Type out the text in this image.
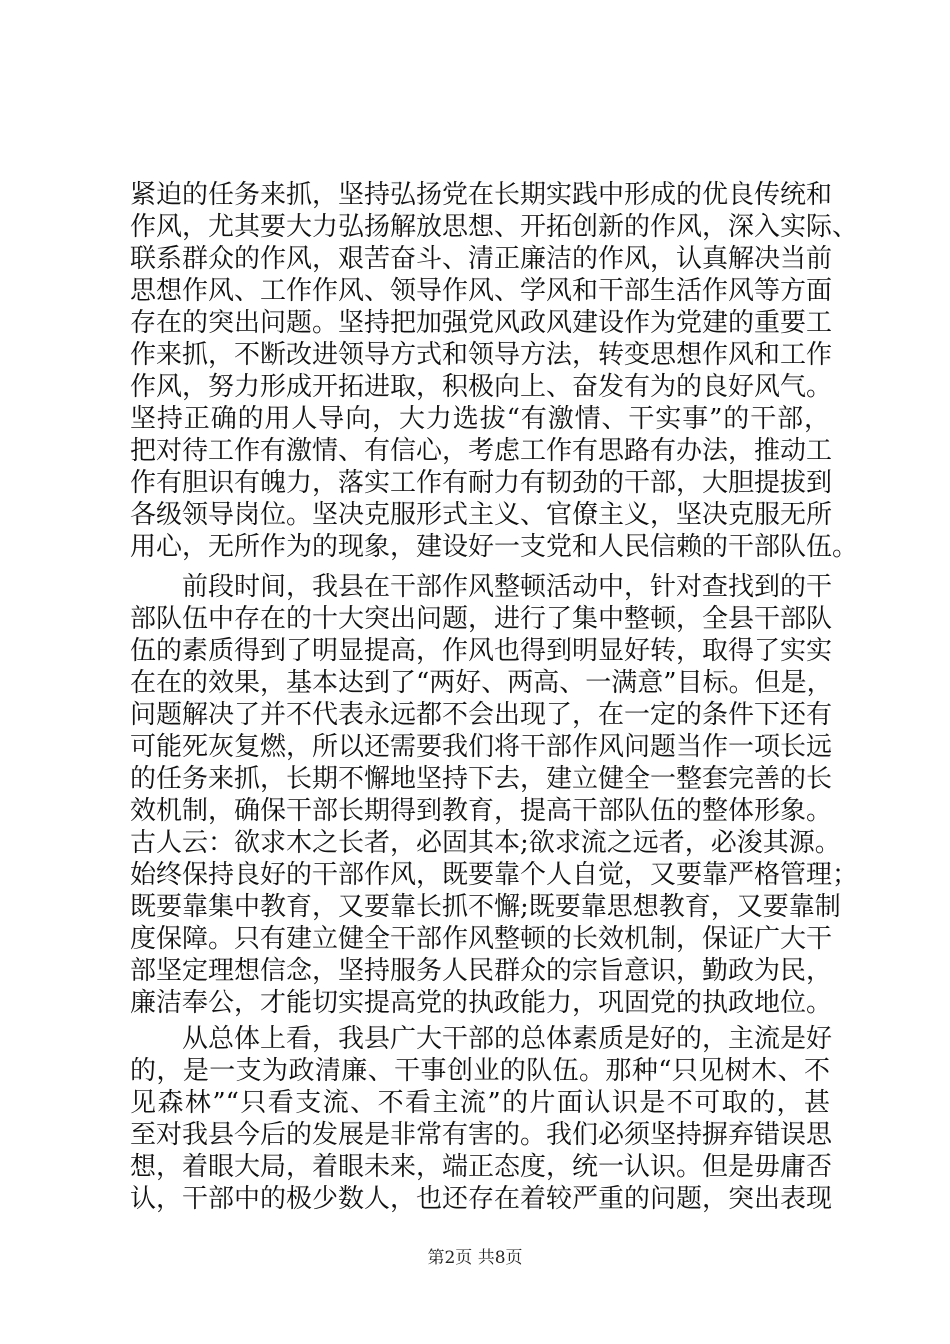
紧迫的任务来抓，坚持弘扬党在长期实践中形成的优良传统和
作风，尤其要大力弘扬解放思想、开拓创新的作风，深入实际、
联系群众的作风，艰苦奋斗、清正廉洁的作风，认真解决当前
思想作风、工作作风、领导作风、学风和干部生活作风等方面
存在的突出问题。坚持把加强党风政风建设作为党建的重要工
作来抓，不断改进领导方式和领导方法，转变思想作风和工作
作风，努力形成开拓进取，积极向上、奋发有为的良好风气。
坚持正确的用人导向，大力选拔“有激情、干实事”的干部，
把对待工作有激情、有信心，考虑工作有思路有办法，推动工
作有胆识有魄力，落实工作有耐力有韧劲的干部，大胆提拔到
各级领导岗位。坚决克服形式主义、官僚主义，坚决克服无所
用心，无所作为的现象，建设好一支党和人民信赖的干部队伍。
　　前段时间，我县在干部作风整顿活动中，针对查找到的干
部队伍中存在的十大突出问题，进行了集中整顿，全县干部队
伍的素质得到了明显提高，作风也得到明显好转，取得了实实
在在的效果，基本达到了“两好、两高、一满意”目标。但是，
问题解决了并不代表永远都不会出现了，在一定的条件下还有
可能死灰复燃，所以还需要我们将干部作风问题当作一项长远
的任务来抓，长期不懈地坚持下去，建立健全一整套完善的长
效机制，确保干部长期得到教育，提高干部队伍的整体形象。
古人云：欲求木之长者，必固其本;欲求流之远者，必浚其源。
始终保持良好的干部作风，既要靠个人自觉，又要靠严格管理；
既要靠集中教育，又要靠长抓不懈;既要靠思想教育，又要靠制
度保障。只有建立健全干部作风整顿的长效机制，保证广大干
部坚定理想信念，坚持服务人民群众的宗旨意识，勤政为民，
廉洁奉公，才能切实提高党的执政能力，巩固党的执政地位。
　　从总体上看，我县广大干部的总体素质是好的，主流是好
的，是一支为政清廉、干事创业的队伍。那种“只见树木、不
见森林”“只看支流、不看主流”的片面认识是不可取的，甚
至对我县今后的发展是非常有害的。我们必须坚持摒弃错误思
想，着眼大局，着眼未来，端正态度，统一认识。但是毋庸否
认，干部中的极少数人，也还存在着较严重的问题，突出表现
第2页 共8页
